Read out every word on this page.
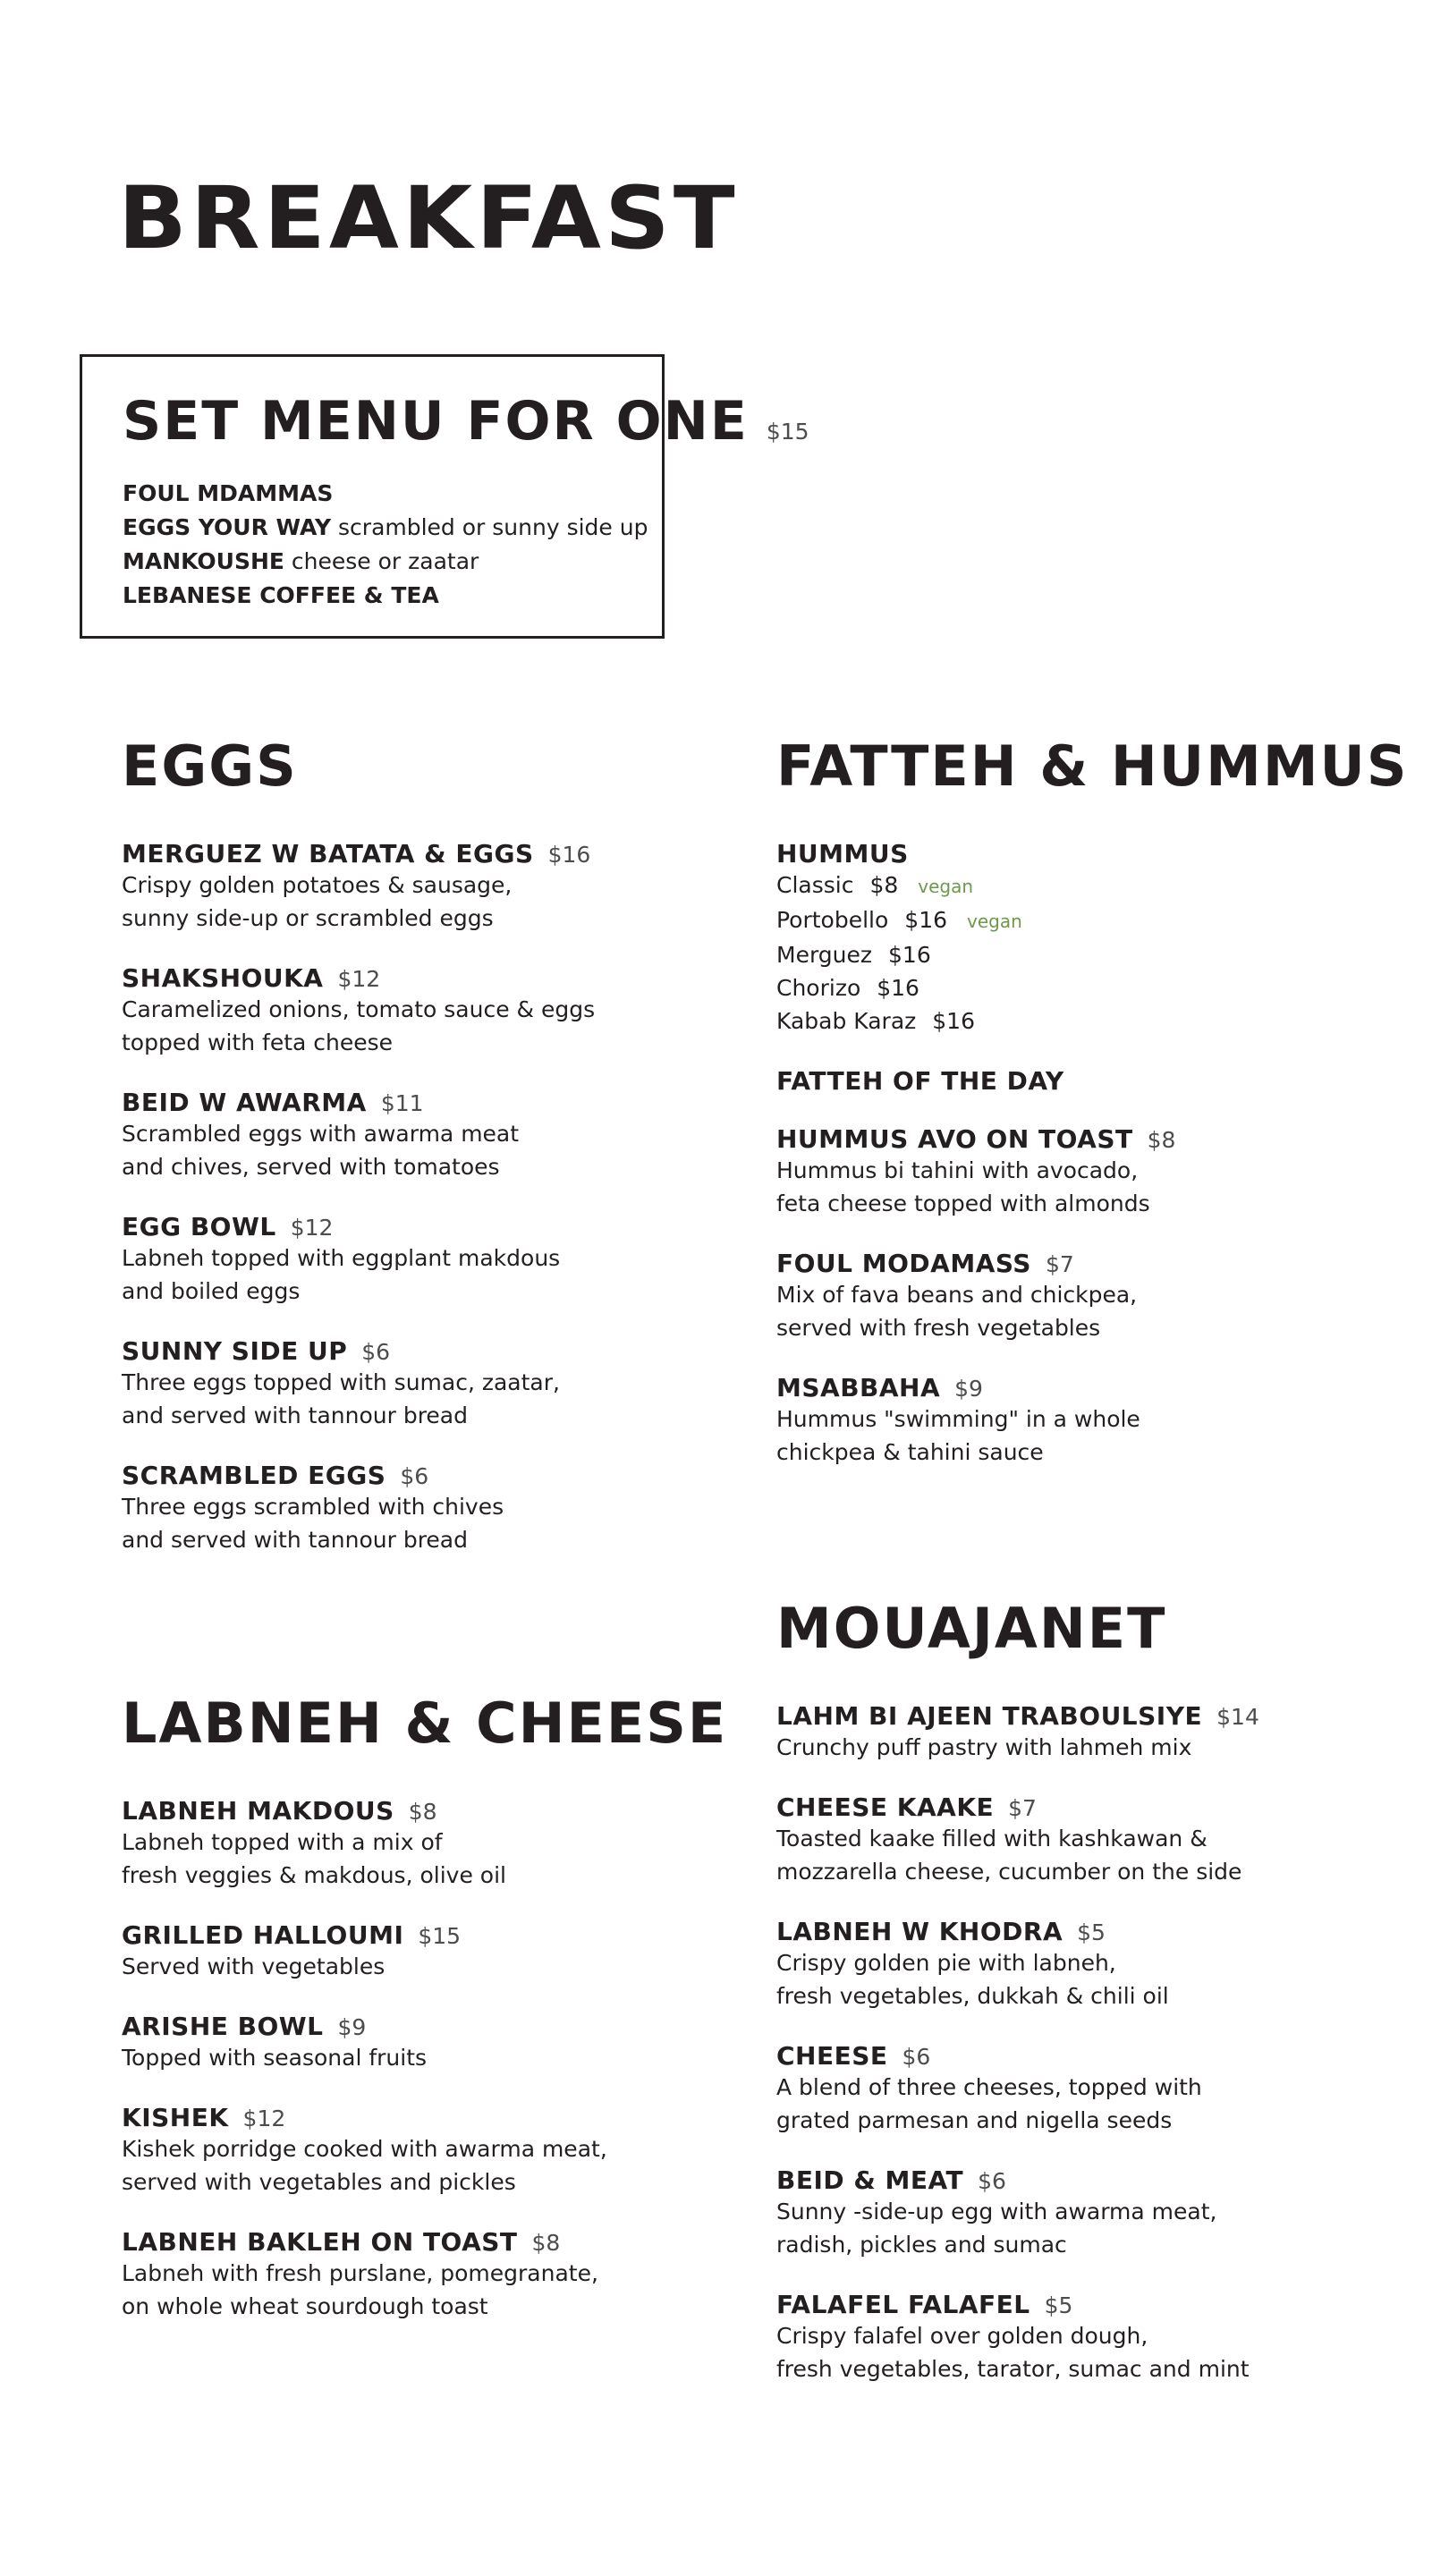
BREAKFAST
SET MENU FOR ONE $15
FOUL MDAMMAS
EGGS YOUR WAY scrambled or sunny side up
MANKOUSHE cheese or zaatar
LEBANESE COFFEE & TEA
EGGS
MERGUEZ W BATATA & EGGS $16
Crispy golden potatoes & sausage,
sunny side-up or scrambled eggs
SHAKSHOUKA $12
Caramelized onions, tomato sauce & eggs
topped with feta cheese
BEID W AWARMA $11
Scrambled eggs with awarma meat
and chives, served with tomatoes
EGG BOWL $12
Labneh topped with eggplant makdous
and boiled eggs
SUNNY SIDE UP $6
Three eggs topped with sumac, zaatar,
and served with tannour bread
SCRAMBLED EGGS $6
Three eggs scrambled with chives
and served with tannour bread
LABNEH & CHEESE
LABNEH MAKDOUS $8
Labneh topped with a mix of
fresh veggies & makdous, olive oil
GRILLED HALLOUMI $15
Served with vegetables
ARISHE BOWL $9
Topped with seasonal fruits
KISHEK $12
Kishek porridge cooked with awarma meat,
served with vegetables and pickles
LABNEH BAKLEH ON TOAST $8
Labneh with fresh purslane, pomegranate,
on whole wheat sourdough toast
FATTEH & HUMMUS
HUMMUS
Classic $8 vegan
Portobello $16 vegan
Merguez $16
Chorizo $16
Kabab Karaz $16
FATTEH OF THE DAY
HUMMUS AVO ON TOAST $8
Hummus bi tahini with avocado,
feta cheese topped with almonds
FOUL MODAMASS $7
Mix of fava beans and chickpea,
served with fresh vegetables
MSABBAHA $9
Hummus "swimming" in a whole
chickpea & tahini sauce
MOUAJANET
LAHM BI AJEEN TRABOULSIYE $14
Crunchy puff pastry with lahmeh mix
CHEESE KAAKE $7
Toasted kaake filled with kashkawan &
mozzarella cheese, cucumber on the side
LABNEH W KHODRA $5
Crispy golden pie with labneh,
fresh vegetables, dukkah & chili oil
CHEESE $6
A blend of three cheeses, topped with
grated parmesan and nigella seeds
BEID & MEAT $6
Sunny -side-up egg with awarma meat,
radish, pickles and sumac
FALAFEL FALAFEL $5
Crispy falafel over golden dough,
fresh vegetables, tarator, sumac and mint
